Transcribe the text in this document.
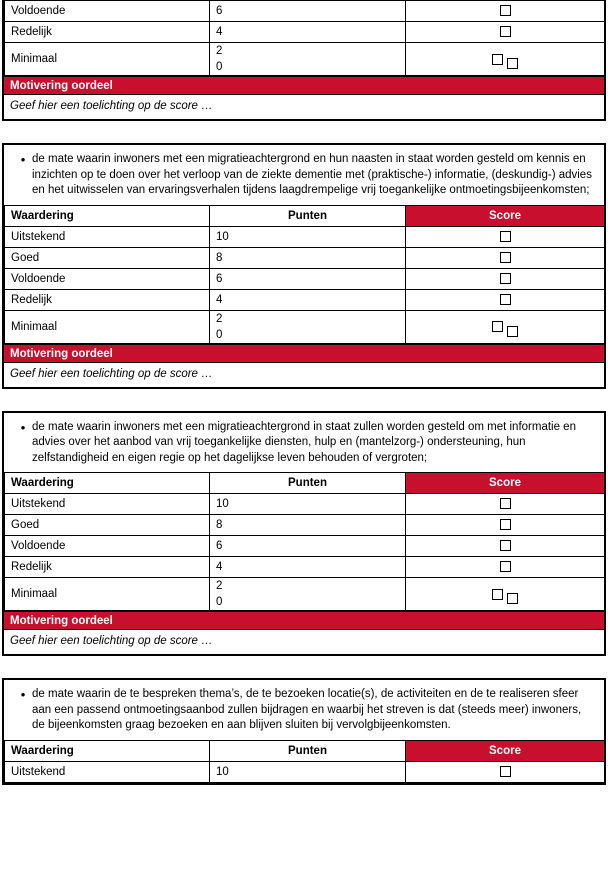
Voldoende	6	
Redelijk	4	
Minimaal	2
0	

Motivering oordeel
Geef hier een toelichting op de score …
• de mate waarin inwoners met een migratieachtergrond en hun naasten in staat worden gesteld om kennis en inzichten op te doen over het verloop van de ziekte dementie met (praktische-) informatie, (deskundig-) advies en het uitwisselen van ervaringsverhalen tijdens laagdrempelige vrij toegankelijke ontmoetingsbijeenkomsten;
Waardering	Punten	Score
Uitstekend	10	
Goed	8	
Voldoende	6	
Redelijk	4	
Minimaal	2
0	

Motivering oordeel
Geef hier een toelichting op de score …
• de mate waarin inwoners met een migratieachtergrond in staat zullen worden gesteld om met informatie en advies over het aanbod van vrij toegankelijke diensten, hulp en (mantelzorg-) ondersteuning, hun zelfstandigheid en eigen regie op het dagelijkse leven behouden of vergroten;
Waardering	Punten	Score
Uitstekend	10	
Goed	8	
Voldoende	6	
Redelijk	4	
Minimaal	2
0	

Motivering oordeel
Geef hier een toelichting op de score …
• de mate waarin de te bespreken thema’s, de te bezoeken locatie(s), de activiteiten en de te realiseren sfeer aan een passend ontmoetingsaanbod zullen bijdragen en waarbij het streven is dat (steeds meer) inwoners, de bijeenkomsten graag bezoeken en aan blijven sluiten bij vervolgbijeenkomsten.
Waardering	Punten	Score
Uitstekend	10	
